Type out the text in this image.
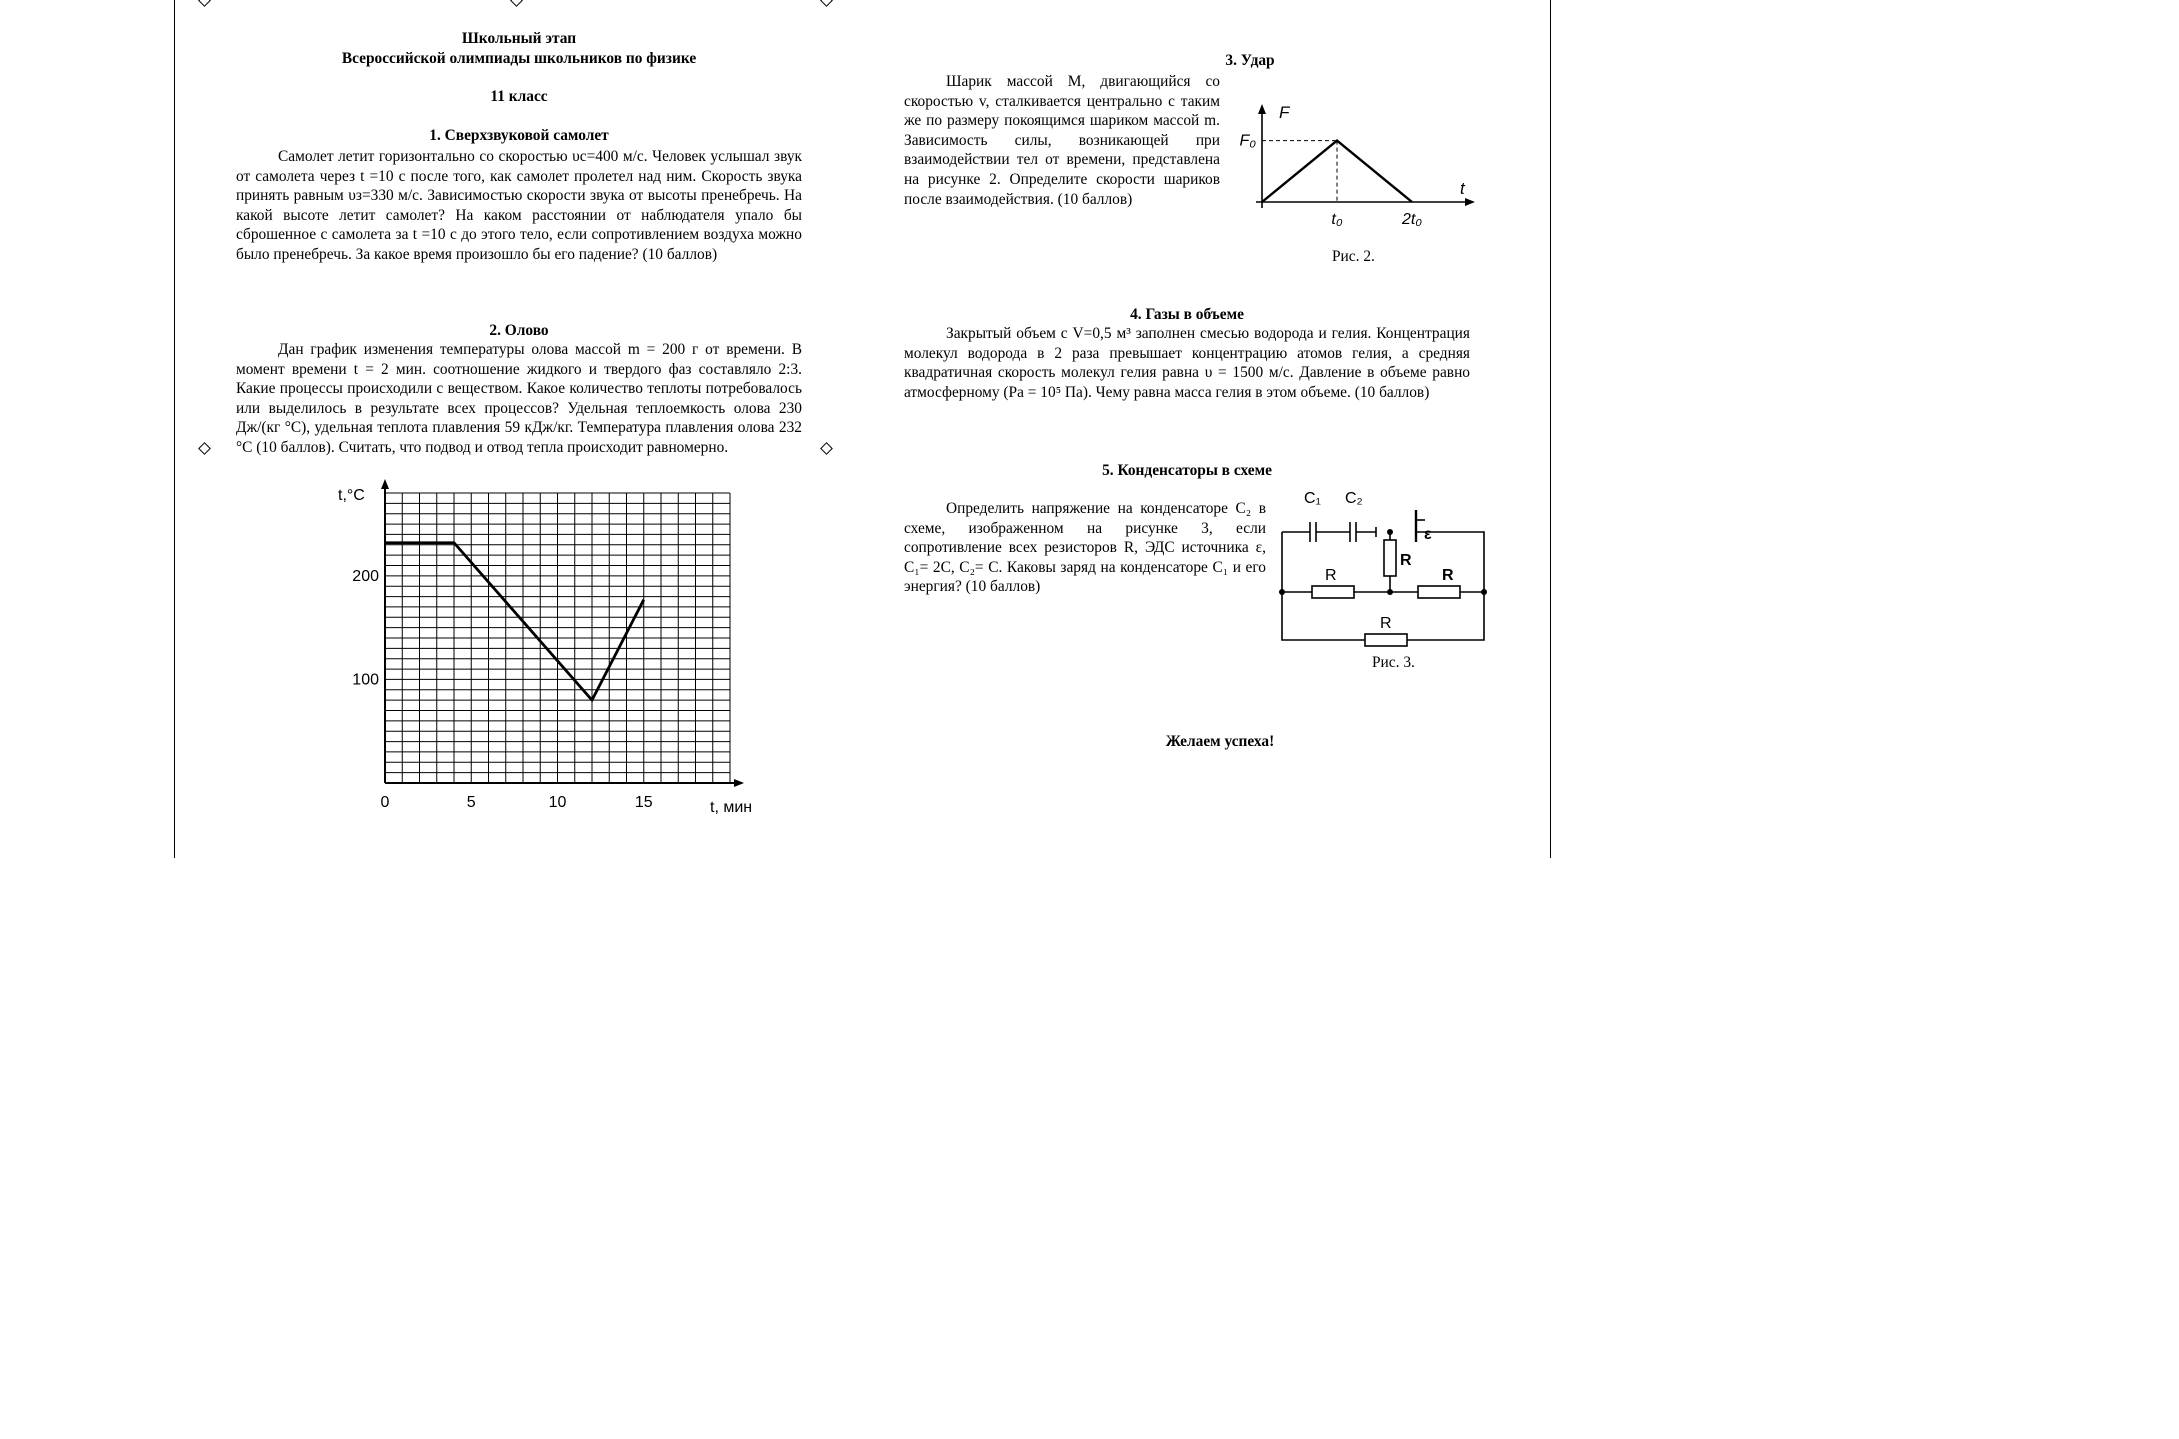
Школьный этап
Всероссийской олимпиады школьников по физике
11 класс
1. Сверхзвуковой самолет

Самолет летит горизонтально со скоростью υс=400 м/с. Человек услышал звук от самолета через t =10 с после того, как самолет пролетел над ним. Скорость звука принять равным υз=330 м/с. Зависимостью скорости звука от высоты пренебречь. На какой высоте летит самолет? На каком расстоянии от наблюдателя упало бы сброшенное с самолета за t =10 с до этого тело, если сопротивлением воздуха можно было пренебречь. За какое время произошло бы его падение? (10 баллов)

2. Олово

Дан график изменения температуры олова массой m = 200 г от времени. В момент времени t = 2 мин. соотношение жидкого и твердого фаз составляло 2:3. Какие процессы происходили с веществом. Какое количество теплоты потребовалось или выделилось в результате всех процессов? Удельная теплоемкость олова 230 Дж/(кг °С), удельная теплота плавления 59 кДж/кг. Температура плавления олова 232 °С (10 баллов). Считать, что подвод и отвод тепла происходит равномерно.

t,°C
t, мин
0	5	10	15
100
200
3. Удар

Шарик массой M, двигающийся со скоростью v, сталкивается центрально с таким же по размеру покоящимся шариком массой m. Зависимость силы, возникающей при взаимодействии тел от времени, представлена на рисунке 2. Определите скорости шариков после взаимодействия. (10 баллов)

F
t
F₀
t₀	2t₀
Рис. 2.
4. Газы в объеме

Закрытый объем с V=0,5 м³ заполнен смесью водорода и гелия. Концентрация молекул водорода в 2 раза превышает концентрацию атомов гелия, а средняя квадратичная скорость молекул гелия равна υ = 1500 м/с. Давление в объеме равно атмосферному (Pа = 10⁵ Па). Чему равна масса гелия в этом объеме. (10 баллов)

5. Конденсаторы в схеме

Определить напряжение на конденсаторе C₂ в схеме, изображенном на рисунке 3, если сопротивление всех резисторов R, ЭДС источника ε, C₁= 2C, C₂= C. Каковы заряд на конденсаторе C₁ и его энергия? (10 баллов)

C₁ C₂
ε
R
R	R
R
Рис. 3.
Желаем успеха!
